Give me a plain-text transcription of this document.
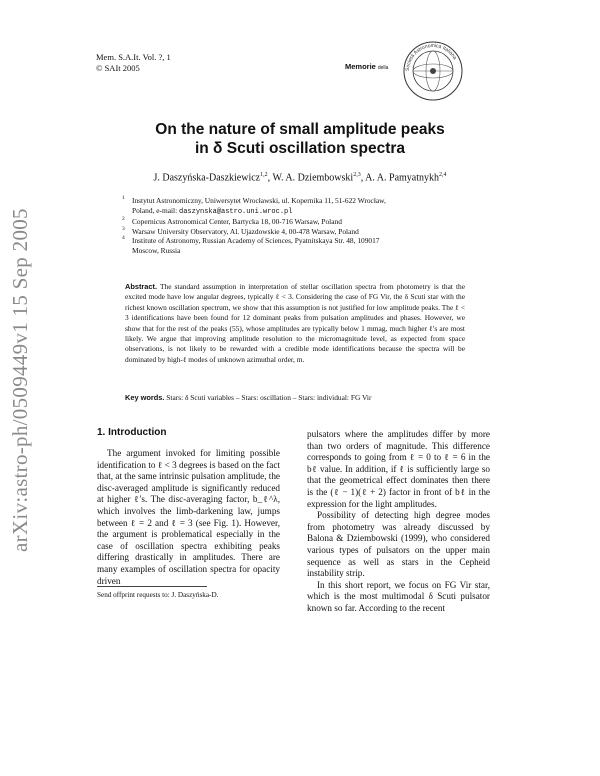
Mem. S.A.It. Vol. ?, 1
© SAIt 2005	Memorie della	Società Astronomica Italiana
arXiv:astro-ph/0509449v1 15 Sep 2005
On the nature of small amplitude peaks
in δ Scuti oscillation spectra
J. Daszyńska-Daszkiewicz$^{1,2}$, W. A. Dziembowski$^{2,3}$, A. A. Pamyatnykh$^{2,4}$
1 Instytut Astronomiczny, Uniwersytet Wrocławski, ul. Kopernika 11, 51-622 Wrocław,
Poland, e-mail: daszynska@astro.uni.wroc.pl
2 Copernicus Astronomical Center, Bartycka 18, 00-716 Warsaw, Poland
3 Warsaw University Observatory, Al. Ujazdowskie 4, 00-478 Warsaw, Poland
4 Institute of Astronomy, Russian Academy of Sciences, Pyatnitskaya Str. 48, 109017
Moscow, Russia
Abstract. The standard assumption in interpretation of stellar oscillation spectra from photometry is that the excited mode have low angular degrees, typically ℓ < 3. Considering the case of FG Vir, the δ Scuti star with the richest known oscillation spectrum, we show that this assumption is not justified for low amplitude peaks. The ℓ < 3 identifications have been found for 12 dominant peaks from pulsation amplitudes and phases. However, we show that for the rest of the peaks (55), whose amplitudes are typically below 1 mmag, much higher ℓ's are most likely. We argue that improving amplitude resolution to the micromagnitude level, as expected from space observations, is not likely to be rewarded with a credible mode identifications because the spectra will be dominated by high-ℓ modes of unknown azimuthal order, m.
Key words. Stars: δ Scuti variables – Stars: oscillation – Stars: individual: FG Vir
1. Introduction

The argument invoked for limiting possible identification to ℓ < 3 degrees is based on the fact that, at the same intrinsic pulsation amplitude, the disc-averaged amplitude is significantly reduced at higher ℓ's. The disc-averaging factor, b_ℓ^λ, which involves the limb-darkening law, jumps between ℓ = 2 and ℓ = 3 (see Fig. 1). However, the argument is problematical especially in the case of oscillation spectra exhibiting peaks differing drastically in amplitudes. There are many examples of oscillation spectra for opacity driven

pulsators where the amplitudes differ by more than two orders of magnitude. This difference corresponds to going from ℓ = 0 to ℓ = 6 in the bℓ value. In addition, if ℓ is sufficiently large so that the geometrical effect dominates then there is the (ℓ − 1)(ℓ + 2) factor in front of bℓ in the expression for the light amplitudes.

Possibility of detecting high degree modes from photometry was already discussed by Balona & Dziembowski (1999), who considered various types of pulsators on the upper main sequence as well as stars in the Cepheid instability strip.

In this short report, we focus on FG Vir star, which is the most multimodal δ Scuti pulsator known so far. According to the recent

Send offprint requests to: J. Daszyńska-D.
